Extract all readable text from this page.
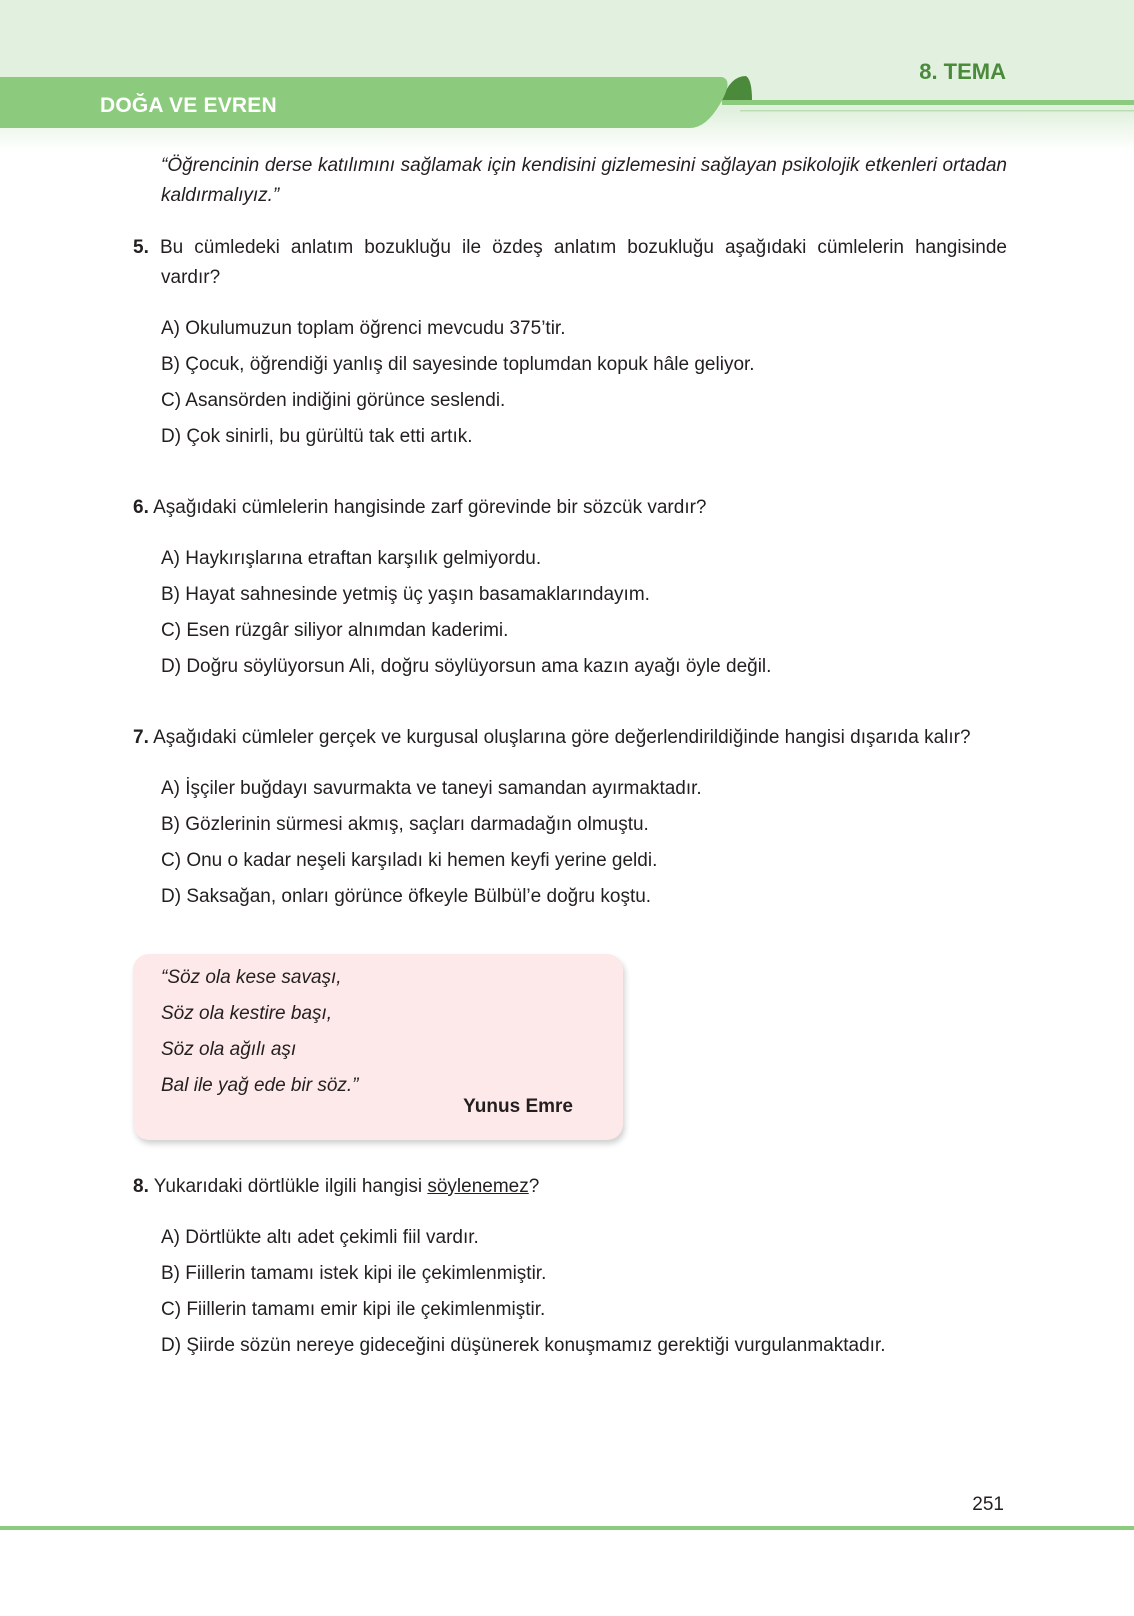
8. TEMA
DOĞA VE EVREN

“Öğrencinin derse katılımını sağlamak için kendisini gizlemesini sağlayan psikolojik etkenleri ortadan kaldırmalıyız.”

5. Bu cümledeki anlatım bozukluğu ile özdeş anlatım bozukluğu aşağıdaki cümlelerin hangisinde vardır?

A) Okulumuzun toplam öğrenci mevcudu 375’tir.
B) Çocuk, öğrendiği yanlış dil sayesinde toplumdan kopuk hâle geliyor.
C) Asansörden indiğini görünce seslendi.
D) Çok sinirli, bu gürültü tak etti artık.

6. Aşağıdaki cümlelerin hangisinde zarf görevinde bir sözcük vardır?

A) Haykırışlarına etraftan karşılık gelmiyordu.
B) Hayat sahnesinde yetmiş üç yaşın basamaklarındayım.
C) Esen rüzgâr siliyor alnımdan kaderimi.
D) Doğru söylüyorsun Ali, doğru söylüyorsun ama kazın ayağı öyle değil.

7. Aşağıdaki cümleler gerçek ve kurgusal oluşlarına göre değerlendirildiğinde hangisi dışarıda kalır?

A) İşçiler buğdayı savurmakta ve taneyi samandan ayırmaktadır.
B) Gözlerinin sürmesi akmış, saçları darmadağın olmuştu.
C) Onu o kadar neşeli karşıladı ki hemen keyfi yerine geldi.
D) Saksağan, onları görünce öfkeyle Bülbül’e doğru koştu.
“Söz ola kese savaşı,
Söz ola kestire başı,
Söz ola ağılı aşı
Bal ile yağ ede bir söz.”
Yunus Emre

8. Yukarıdaki dörtlükle ilgili hangisi söylenemez?

A) Dörtlükte altı adet çekimli fiil vardır.
B) Fiillerin tamamı istek kipi ile çekimlenmiştir.
C) Fiillerin tamamı emir kipi ile çekimlenmiştir.
D) Şiirde sözün nereye gideceğini düşünerek konuşmamız gerektiği vurgulanmaktadır.
251
